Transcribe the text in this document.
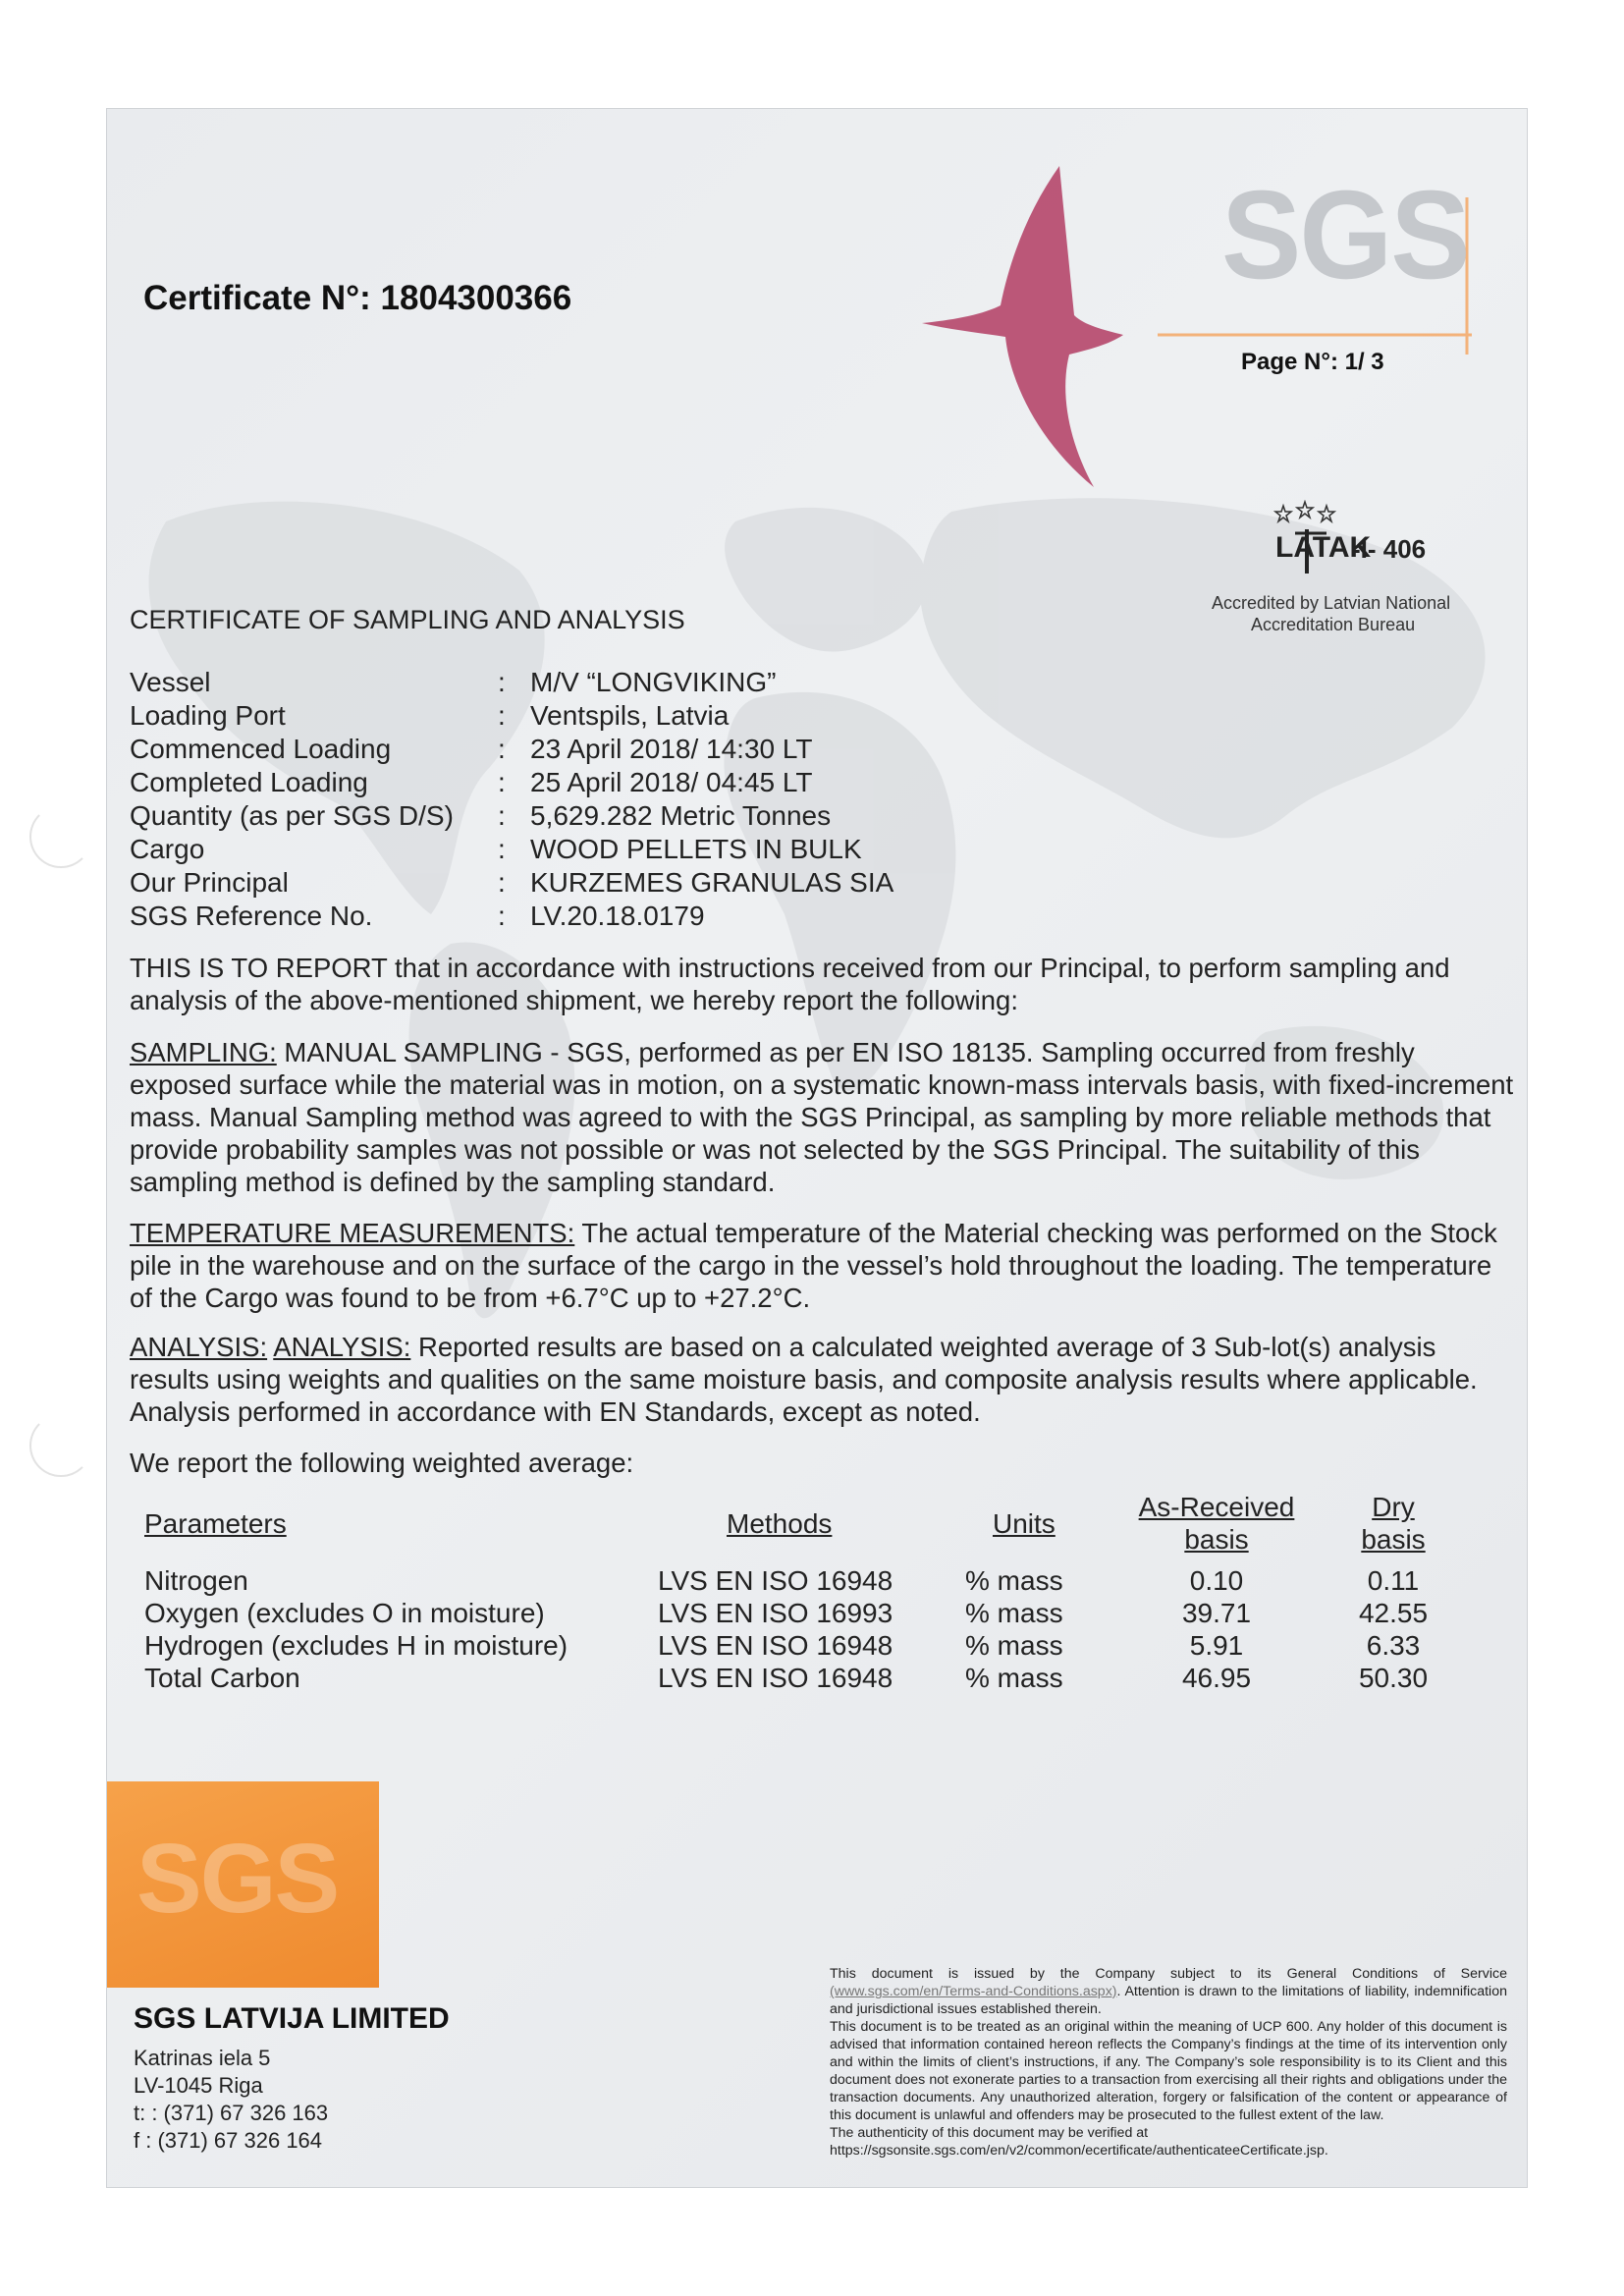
SGS
Certificate N°: 1804300366
Page N°: 1/ 3
LATAK
-I- 406
Accredited by Latvian National
Accreditation Bureau
CERTIFICATE OF SAMPLING AND ANALYSIS
Vessel	: M/V “LONGVIKING”
Loading Port	: Ventspils, Latvia
Commenced Loading	: 23 April 2018/ 14:30 LT
Completed Loading	: 25 April 2018/ 04:45 LT
Quantity (as per SGS D/S) : 5,629.282 Metric Tonnes
Cargo	: WOOD PELLETS IN BULK
Our Principal	: KURZEMES GRANULAS SIA
SGS Reference No.	: LV.20.18.0179
THIS IS TO REPORT that in accordance with instructions received from our Principal, to perform sampling and analysis of the above-mentioned shipment, we hereby report the following:
SAMPLING: MANUAL SAMPLING - SGS, performed as per EN ISO 18135. Sampling occurred from freshly exposed surface while the material was in motion, on a systematic known-mass intervals basis, with fixed-increment mass. Manual Sampling method was agreed to with the SGS Principal, as sampling by more reliable methods that provide probability samples was not possible or was not selected by the SGS Principal. The suitability of this sampling method is defined by the sampling standard.
TEMPERATURE MEASUREMENTS: The actual temperature of the Material checking was performed on the Stock pile in the warehouse and on the surface of the cargo in the vessel’s hold throughout the loading. The temperature of the Cargo was found to be from +6.7°C up to +27.2°C.
ANALYSIS: ANALYSIS: Reported results are based on a calculated weighted average of 3 Sub-lot(s) analysis results using weights and qualities on the same moisture basis, and composite analysis results where applicable. Analysis performed in accordance with EN Standards, except as noted.
We report the following weighted average:
Parameters	Methods	Units
As-Received
basis
Dry
basis
Nitrogen	LVS EN ISO 16948	% mass	0.10	0.11
Oxygen (excludes O in moisture)	LVS EN ISO 16993	% mass	39.71	42.55
Hydrogen (excludes H in moisture)	LVS EN ISO 16948	% mass	5.91	6.33
Total Carbon	LVS EN ISO 16948	% mass	46.95	50.30
SGS
SGS LATVIJA LIMITED
Katrinas iela 5
LV-1045 Riga
t: : (371) 67 326 163
f : (371) 67 326 164
This document is issued by the Company subject to its General Conditions of Service (www.sgs.com/en/Terms-and-Conditions.aspx). Attention is drawn to the limitations of liability, indemnification and jurisdictional issues established therein.
This document is to be treated as an original within the meaning of UCP 600. Any holder of this document is advised that information contained hereon reflects the Company’s findings at the time of its intervention only and within the limits of client’s instructions, if any. The Company’s sole responsibility is to its Client and this document does not exonerate parties to a transaction from exercising all their rights and obligations under the transaction documents. Any unauthorized alteration, forgery or falsification of the content or appearance of this document is unlawful and offenders may be prosecuted to the fullest extent of the law.
The authenticity of this document may be verified at
https://sgsonsite.sgs.com/en/v2/common/ecertificate/authenticateeCertificate.jsp.
